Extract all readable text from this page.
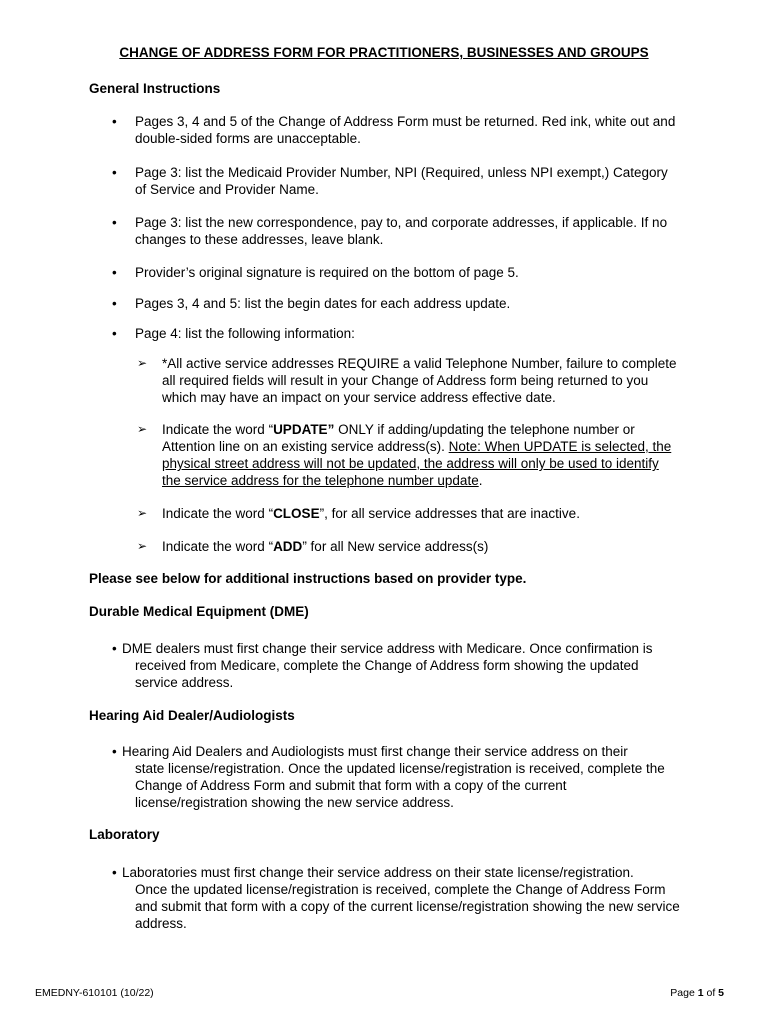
CHANGE OF ADDRESS FORM FOR PRACTITIONERS, BUSINESSES AND GROUPS
General Instructions
•	Pages 3, 4 and 5 of the Change of Address Form must be returned. Red ink, white out and double-sided forms are unacceptable.
•	Page 3: list the Medicaid Provider Number, NPI (Required, unless NPI exempt,) Category of Service and Provider Name.
•	Page 3: list the new correspondence, pay to, and corporate addresses, if applicable. If no changes to these addresses, leave blank.
•	Provider’s original signature is required on the bottom of page 5.
•	Pages 3, 4 and 5: list the begin dates for each address update.
•	Page 4: list the following information:
➢	*All active service addresses REQUIRE a valid Telephone Number, failure to complete all required fields will result in your Change of Address form being returned to you which may have an impact on your service address effective date.
➢	Indicate the word “UPDATE” ONLY if adding/updating the telephone number or Attention line on an existing service address(s). Note: When UPDATE is selected, the physical street address will not be updated, the address will only be used to identify the service address for the telephone number update.
➢	Indicate the word “CLOSE”, for all service addresses that are inactive.
➢	Indicate the word “ADD” for all New service address(s)
Please see below for additional instructions based on provider type.
Durable Medical Equipment (DME)
• DME dealers must first change their service address with Medicare. Once confirmation is
received from Medicare, complete the Change of Address form showing the updated service address.
Hearing Aid Dealer/Audiologists
• Hearing Aid Dealers and Audiologists must first change their service address on their
state license/registration. Once the updated license/registration is received, complete the Change of Address Form and submit that form with a copy of the current license/registration showing the new service address.
Laboratory
• Laboratories must first change their service address on their state license/registration.
Once the updated license/registration is received, complete the Change of Address Form and submit that form with a copy of the current license/registration showing the new service address.
EMEDNY-610101 (10/22)	Page 1 of 5
